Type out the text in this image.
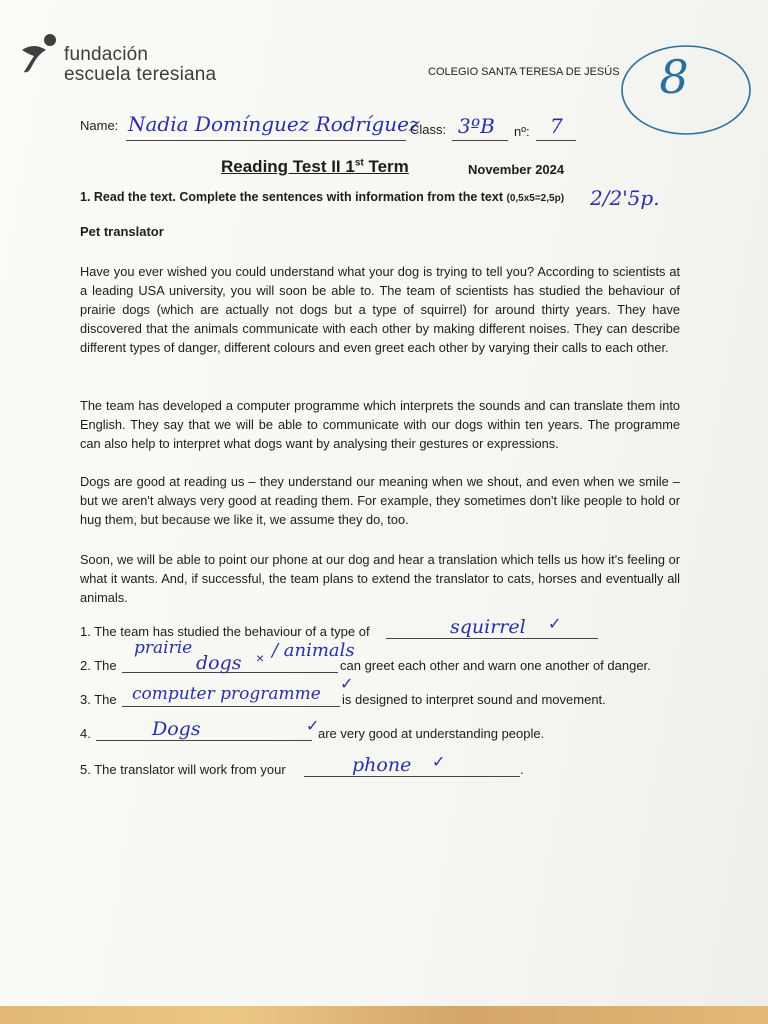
fundación
escuela teresiana	COLEGIO SANTA TERESA DE JESÚS 8
Name: Nadia Domínguez Rodríguez
Class: 3ºB nº: 7
Reading Test II 1st Term	November 2024
1. Read the text. Complete the sentences with information from the text (0,5x5=2,5p) 2/2'5p.
Pet translator
Have you ever wished you could understand what your dog is trying to tell you? According to scientists at a leading USA university, you will soon be able to. The team of scientists has studied the behaviour of prairie dogs (which are actually not dogs but a type of squirrel) for around thirty years. They have discovered that the animals communicate with each other by making different noises. They can describe different types of danger, different colours and even greet each other by varying their calls to each other.
The team has developed a computer programme which interprets the sounds and can translate them into English. They say that we will be able to communicate with our dogs within ten years. The programme can also help to interpret what dogs want by analysing their gestures or expressions.
Dogs are good at reading us – they understand our meaning when we shout, and even when we smile – but we aren't always very good at reading them. For example, they sometimes don't like people to hold or hug them, but because we like it, we assume they do, too.
Soon, we will be able to point our phone at our dog and hear a translation which tells us how it's feeling or what it wants. And, if successful, the team plans to extend the translator to cats, horses and eventually all animals.
1. The team has studied the behaviour of a type of	squirrel ✓
2. The
prairie
dogs × / animals
can greet each other and warn one another of danger.
3. The computer programme ✓
is designed to interpret sound and movement.
4.	Dogs	✓
are very good at understanding people.
5. The translator will work from your	phone ✓	.
